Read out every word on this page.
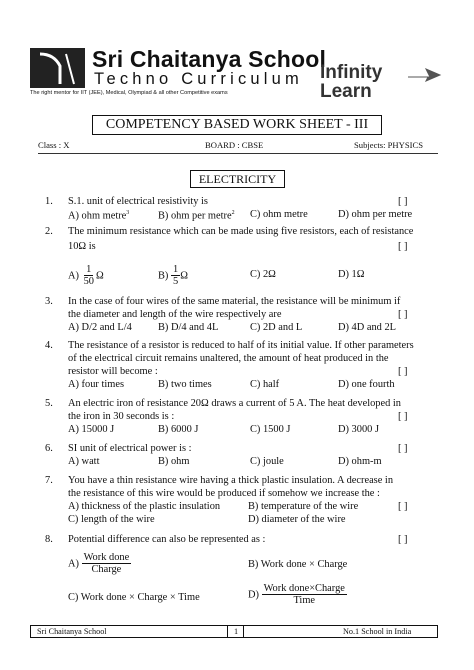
Sri Chaitanya School
Techno Curriculum
The right mentor for IIT (JEE), Medical, Olympiad & all other Competitive exams
Infinity
Learn
COMPETENCY BASED WORK SHEET - III
Class : X	BOARD : CBSE	Subjects: PHYSICS
ELECTRICITY
1. S.1. unit of electrical resistivity is	[ ]
A) ohm metre$^3$	B) ohm per metre$^2$ C) ohm metre	D) ohm per metre
2. The minimum resistance which can be made using five resistors, each of resistance
10Ω is	[ ]
$A) \frac{1}{50}$ Ω	$B) \frac{1}{5}$ Ω	C) 2Ω	D) 1Ω
3. In the case of four wires of the same material, the resistance will be minimum if
the diameter and length of the wire respectively are	[ ]
A) D/2 and L/4	B) D/4 and 4L	C) 2D and L	D) 4D and 2L
4. The resistance of a resistor is reduced to half of its initial value. If other parameters
of the electrical circuit remains unaltered, the amount of heat produced in the
resistor will become :	[ ]
A) four times	B) two times	C) half	D) one fourth
5. An electric iron of resistance 20Ω draws a current of 5 A. The heat developed in
the iron in 30 seconds is :	[ ]
A) 15000 J	B) 6000 J	C) 1500 J	D) 3000 J
6. SI unit of electrical power is :	[ ]
A) watt	B) ohm	C) joule	D) ohm-m
7. You have a thin resistance wire having a thick plastic insulation. A decrease in
the resistance of this wire would be produced if somehow we increase the :
A) thickness of the plastic insulation	B) temperature of the wire	[ ]
C) length of the wire	D) diameter of the wire
8. Potential difference can also be represented as :	[ ]
$A) \frac{\text{Work done}}{\text{Charge}}$	B) Work done × Charge
C) Work done × Charge × Time	$D) \frac{\text{Work done×Charge}}{\text{Time}}$
Sri Chaitanya School	1	No.1 School in India
